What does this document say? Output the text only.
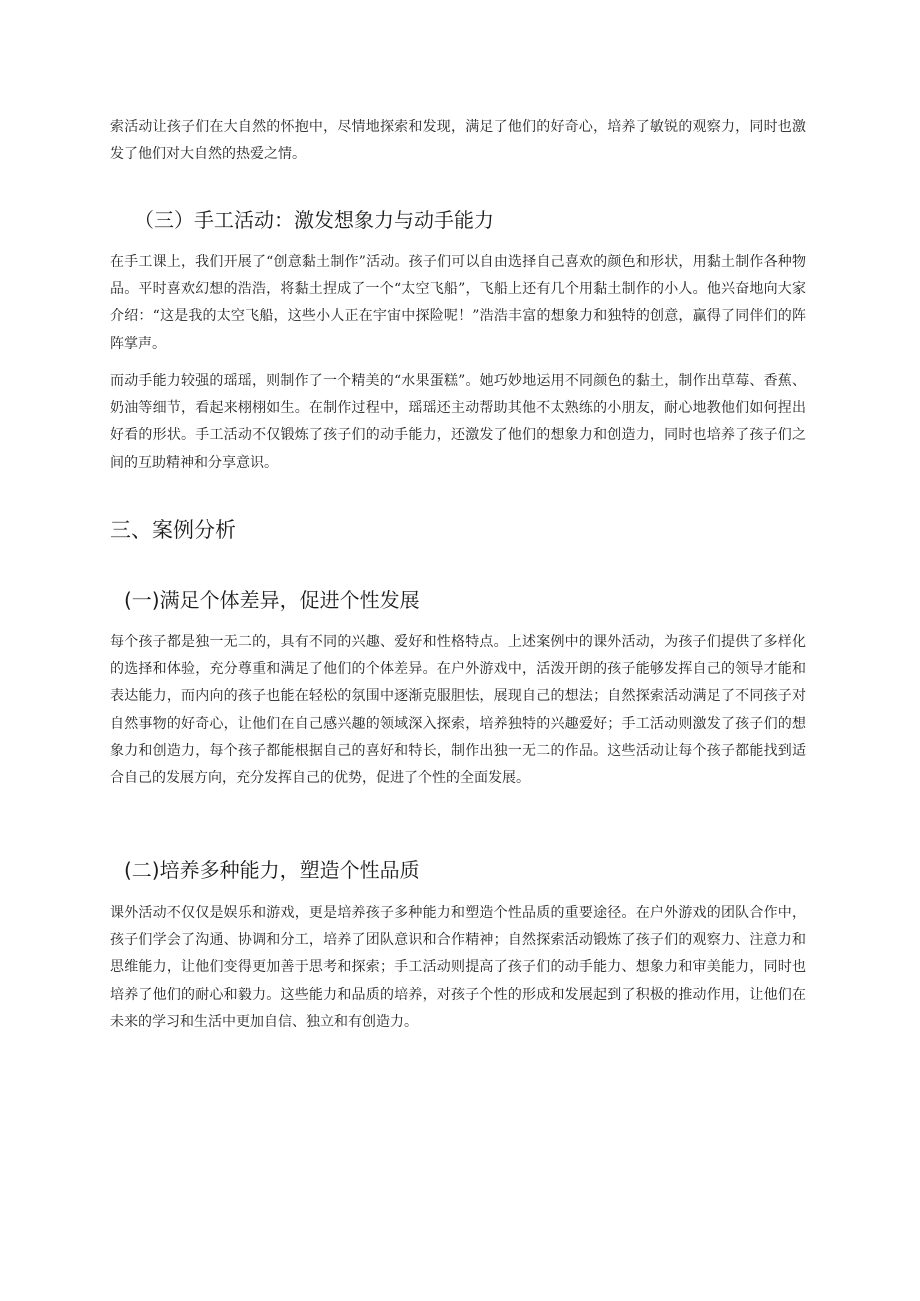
索活动让孩子们在大自然的怀抱中，尽情地探索和发现，满足了他们的好奇心，培养了敏锐的观察力，同时也激发了他们对大自然的热爱之情。

（三）手工活动：激发想象力与动手能力

在手工课上，我们开展了“创意黏土制作”活动。孩子们可以自由选择自己喜欢的颜色和形状，用黏土制作各种物品。平时喜欢幻想的浩浩，将黏土捏成了一个“太空飞船”，飞船上还有几个用黏土制作的小人。他兴奋地向大家介绍：“这是我的太空飞船，这些小人正在宇宙中探险呢！”浩浩丰富的想象力和独特的创意，赢得了同伴们的阵阵掌声。

而动手能力较强的瑶瑶，则制作了一个精美的“水果蛋糕”。她巧妙地运用不同颜色的黏土，制作出草莓、香蕉、奶油等细节，看起来栩栩如生。在制作过程中，瑶瑶还主动帮助其他不太熟练的小朋友，耐心地教他们如何捏出好看的形状。手工活动不仅锻炼了孩子们的动手能力，还激发了他们的想象力和创造力，同时也培养了孩子们之间的互助精神和分享意识。

三、案例分析
(一)满足个体差异，促进个性发展

每个孩子都是独一无二的，具有不同的兴趣、爱好和性格特点。上述案例中的课外活动，为孩子们提供了多样化的选择和体验，充分尊重和满足了他们的个体差异。在户外游戏中，活泼开朗的孩子能够发挥自己的领导才能和表达能力，而内向的孩子也能在轻松的氛围中逐渐克服胆怯，展现自己的想法；自然探索活动满足了不同孩子对自然事物的好奇心，让他们在自己感兴趣的领域深入探索，培养独特的兴趣爱好；手工活动则激发了孩子们的想象力和创造力，每个孩子都能根据自己的喜好和特长，制作出独一无二的作品。这些活动让每个孩子都能找到适合自己的发展方向，充分发挥自己的优势，促进了个性的全面发展。

(二)培养多种能力，塑造个性品质

课外活动不仅仅是娱乐和游戏，更是培养孩子多种能力和塑造个性品质的重要途径。在户外游戏的团队合作中，孩子们学会了沟通、协调和分工，培养了团队意识和合作精神；自然探索活动锻炼了孩子们的观察力、注意力和思维能力，让他们变得更加善于思考和探索；手工活动则提高了孩子们的动手能力、想象力和审美能力，同时也培养了他们的耐心和毅力。这些能力和品质的培养，对孩子个性的形成和发展起到了积极的推动作用，让他们在未来的学习和生活中更加自信、独立和有创造力。
